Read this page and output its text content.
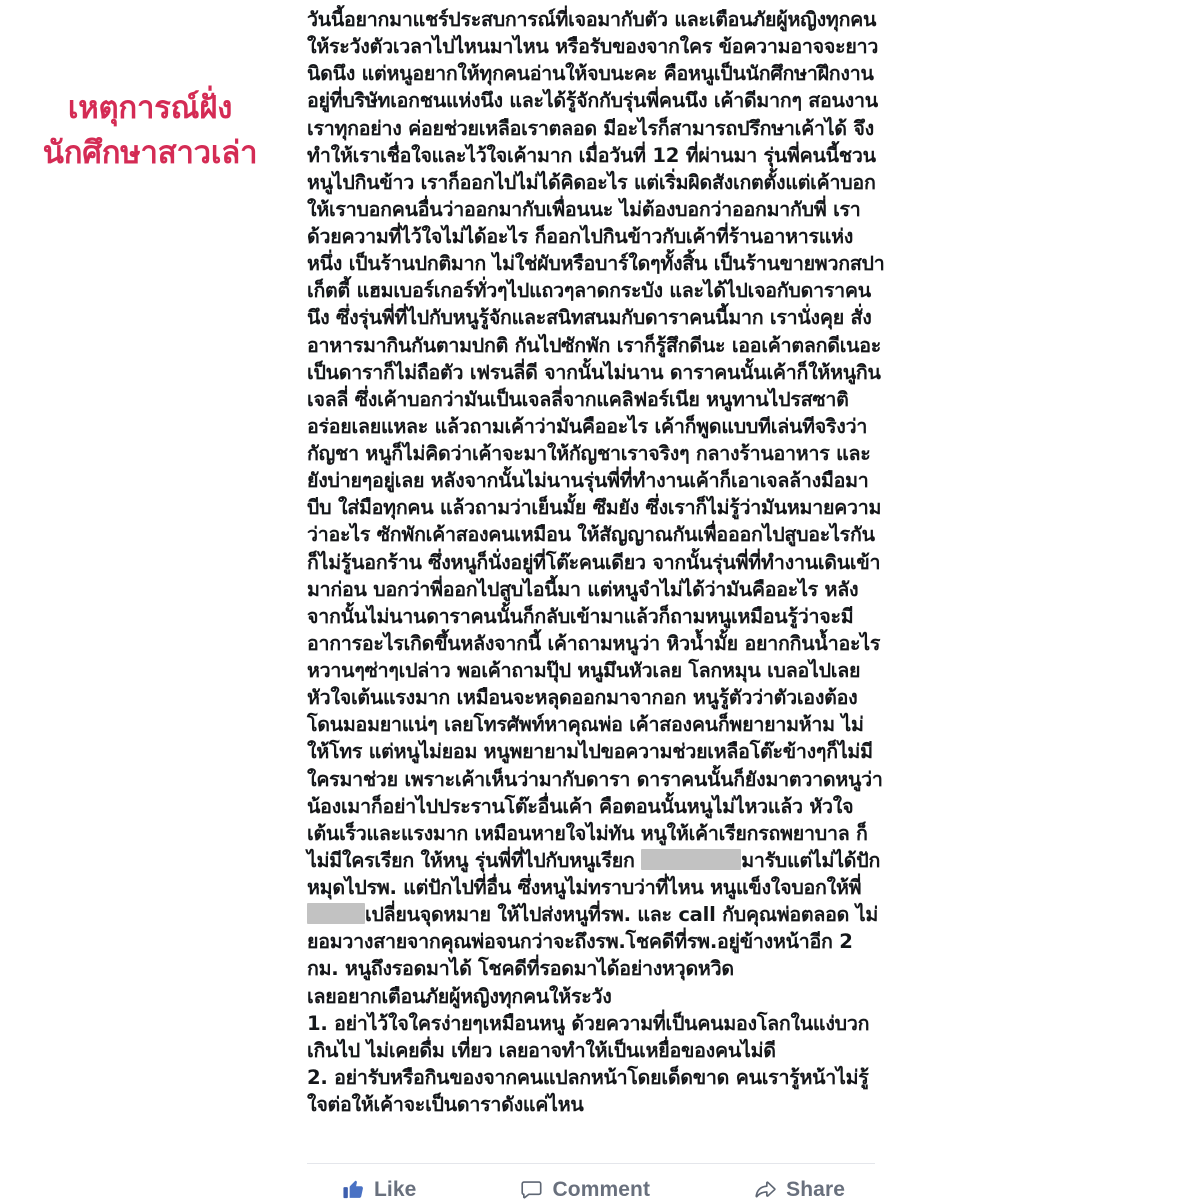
เหตุการณ์ฝั่ง
นักศึกษาสาวเล่า
วันนี้อยากมาแชร์ประสบการณ์ที่เจอมากับตัว และเตือนภัยผู้หญิงทุกคนให้ระวังตัวเวลาไปไหนมาไหน หรือรับของจากใคร ข้อความอาจจะยาวนิดนึง แต่หนูอยากให้ทุกคนอ่านให้จบนะคะ คือหนูเป็นนักศึกษาฝึกงานอยู่ที่บริษัทเอกชนแห่งนึง และได้รู้จักกับรุ่นพี่คนนึง เค้าดีมากๆ สอนงานเราทุกอย่าง ค่อยช่วยเหลือเราตลอด มีอะไรก็สามารถปรึกษาเค้าได้ จึงทำให้เราเชื่อใจและไว้ใจเค้ามาก เมื่อวันที่ 12 ที่ผ่านมา รุ่นพี่คนนี้ชวนหนูไปกินข้าว เราก็ออกไปไม่ได้คิดอะไร แต่เริ่มผิดสังเกตตั้งแต่เค้าบอกให้เราบอกคนอื่นว่าออกมากับเพื่อนนะ ไม่ต้องบอกว่าออกมากับพี่ เราด้วยความที่ไว้ใจไม่ได้อะไร ก็ออกไปกินข้าวกับเค้าที่ร้านอาหารแห่งหนึ่ง เป็นร้านปกติมาก ไม่ใช่ผับหรือบาร์ใดๆทั้งสิ้น เป็นร้านขายพวกสปาเก็ตตี้ แฮมเบอร์เกอร์ทั่วๆไปแถวๆลาดกระบัง และได้ไปเจอกับดาราคนนึง ซึ่งรุ่นพี่ที่ไปกับหนูรู้จักและสนิทสนมกับดาราคนนี้มาก เรานั่งคุย สั่งอาหารมากินกันตามปกติ กันไปซักพัก เราก็รู้สึกดีนะ เออเค้าตลกดีเนอะ เป็นดาราก็ไม่ถือตัว เฟรนลี่ดี จากนั้นไม่นาน ดาราคนนั้นเค้าก็ให้หนูกินเจลลี่ ซึ่งเค้าบอกว่ามันเป็นเจลลี่จากแคลิฟอร์เนีย หนูทานไปรสซาติอร่อยเลยแหละ แล้วถามเค้าว่ามันคืออะไร เค้าก็พูดแบบทีเล่นทีจริงว่า กัญชา หนูก็ไม่คิดว่าเค้าจะมาให้กัญชาเราจริงๆ กลางร้านอาหาร และยังบ่ายๆอยู่เลย หลังจากนั้นไม่นานรุ่นพี่ที่ทำงานเค้าก็เอาเจลล้างมือมาบีบ ใส่มือทุกคน แล้วถามว่าเย็นมั้ย ซึมยัง ซึ่งเราก็ไม่รู้ว่ามันหมายความว่าอะไร ซักพักเค้าสองคนเหมือน ให้สัญญาณกันเพื่อออกไปสูบอะไรกันก็ไม่รู้นอกร้าน ซึ่งหนูก็นั่งอยู่ที่โต๊ะคนเดียว จากนั้นรุ่นพี่ที่ทำงานเดินเข้ามาก่อน บอกว่าพี่ออกไปสูบไอนี้มา แต่หนูจำไม่ได้ว่ามันคืออะไร หลังจากนั้นไม่นานดาราคนนั้นก็กลับเข้ามาแล้วก็ถามหนูเหมือนรู้ว่าจะมีอาการอะไรเกิดขึ้นหลังจากนี้ เค้าถามหนูว่า หิวน้ำมั้ย อยากกินน้ำอะไรหวานๆซ่าๆเปล่าว พอเค้าถามปุ๊ป หนูมึนหัวเลย โลกหมุน เบลอไปเลย หัวใจเต้นแรงมาก เหมือนจะหลุดออกมาจากอก หนูรู้ตัวว่าตัวเองต้องโดนมอมยาแน่ๆ เลยโทรศัพท์หาคุณพ่อ เค้าสองคนก็พยายามห้าม ไม่ให้โทร แต่หนูไม่ยอม หนูพยายามไปขอความช่วยเหลือโต๊ะข้างๆก็ไม่มีใครมาช่วย เพราะเค้าเห็นว่ามากับดารา ดาราคนนั้นก็ยังมาตวาดหนูว่าน้องเมาก็อย่าไปประรานโต๊ะอื่นเค้า คือตอนนั้นหนูไม่ไหวแล้ว หัวใจเต้นเร็วและแรงมาก เหมือนหายใจไม่ทัน หนูให้เค้าเรียกรถพยาบาล ก็ไม่มีใครเรียก ให้หนู รุ่นพี่ที่ไปกับหนูเรียก	มารับแต่ไม่ได้ปักหมุดไปรพ. แต่ปักไปที่อื่น ซึ่งหนูไม่ทราบว่าที่ไหน หนูแข็งใจบอกให้พี่ เปลี่ยนจุดหมาย ให้ไปส่งหนูที่รพ. และ call กับคุณพ่อตลอด ไม่ยอมวางสายจากคุณพ่อจนกว่าจะถึงรพ.โชคดีที่รพ.อยู่ข้างหน้าอีก 2 กม. หนูถึงรอดมาได้ โชคดีที่รอดมาได้อย่างหวุดหวิด
เลยอยากเตือนภัยผู้หญิงทุกคนให้ระวัง
1. อย่าไว้ใจใครง่ายๆเหมือนหนู ด้วยความที่เป็นคนมองโลกในแง่บวกเกินไป ไม่เคยดื่ม เที่ยว เลยอาจทำให้เป็นเหยื่อของคนไม่ดี
2. อย่ารับหรือกินของจากคนแปลกหน้าโดยเด็ดขาด คนเรารู้หน้าไม่รู้ใจต่อให้เค้าจะเป็นดาราดังแค่ไหน
Like	Comment	Share
